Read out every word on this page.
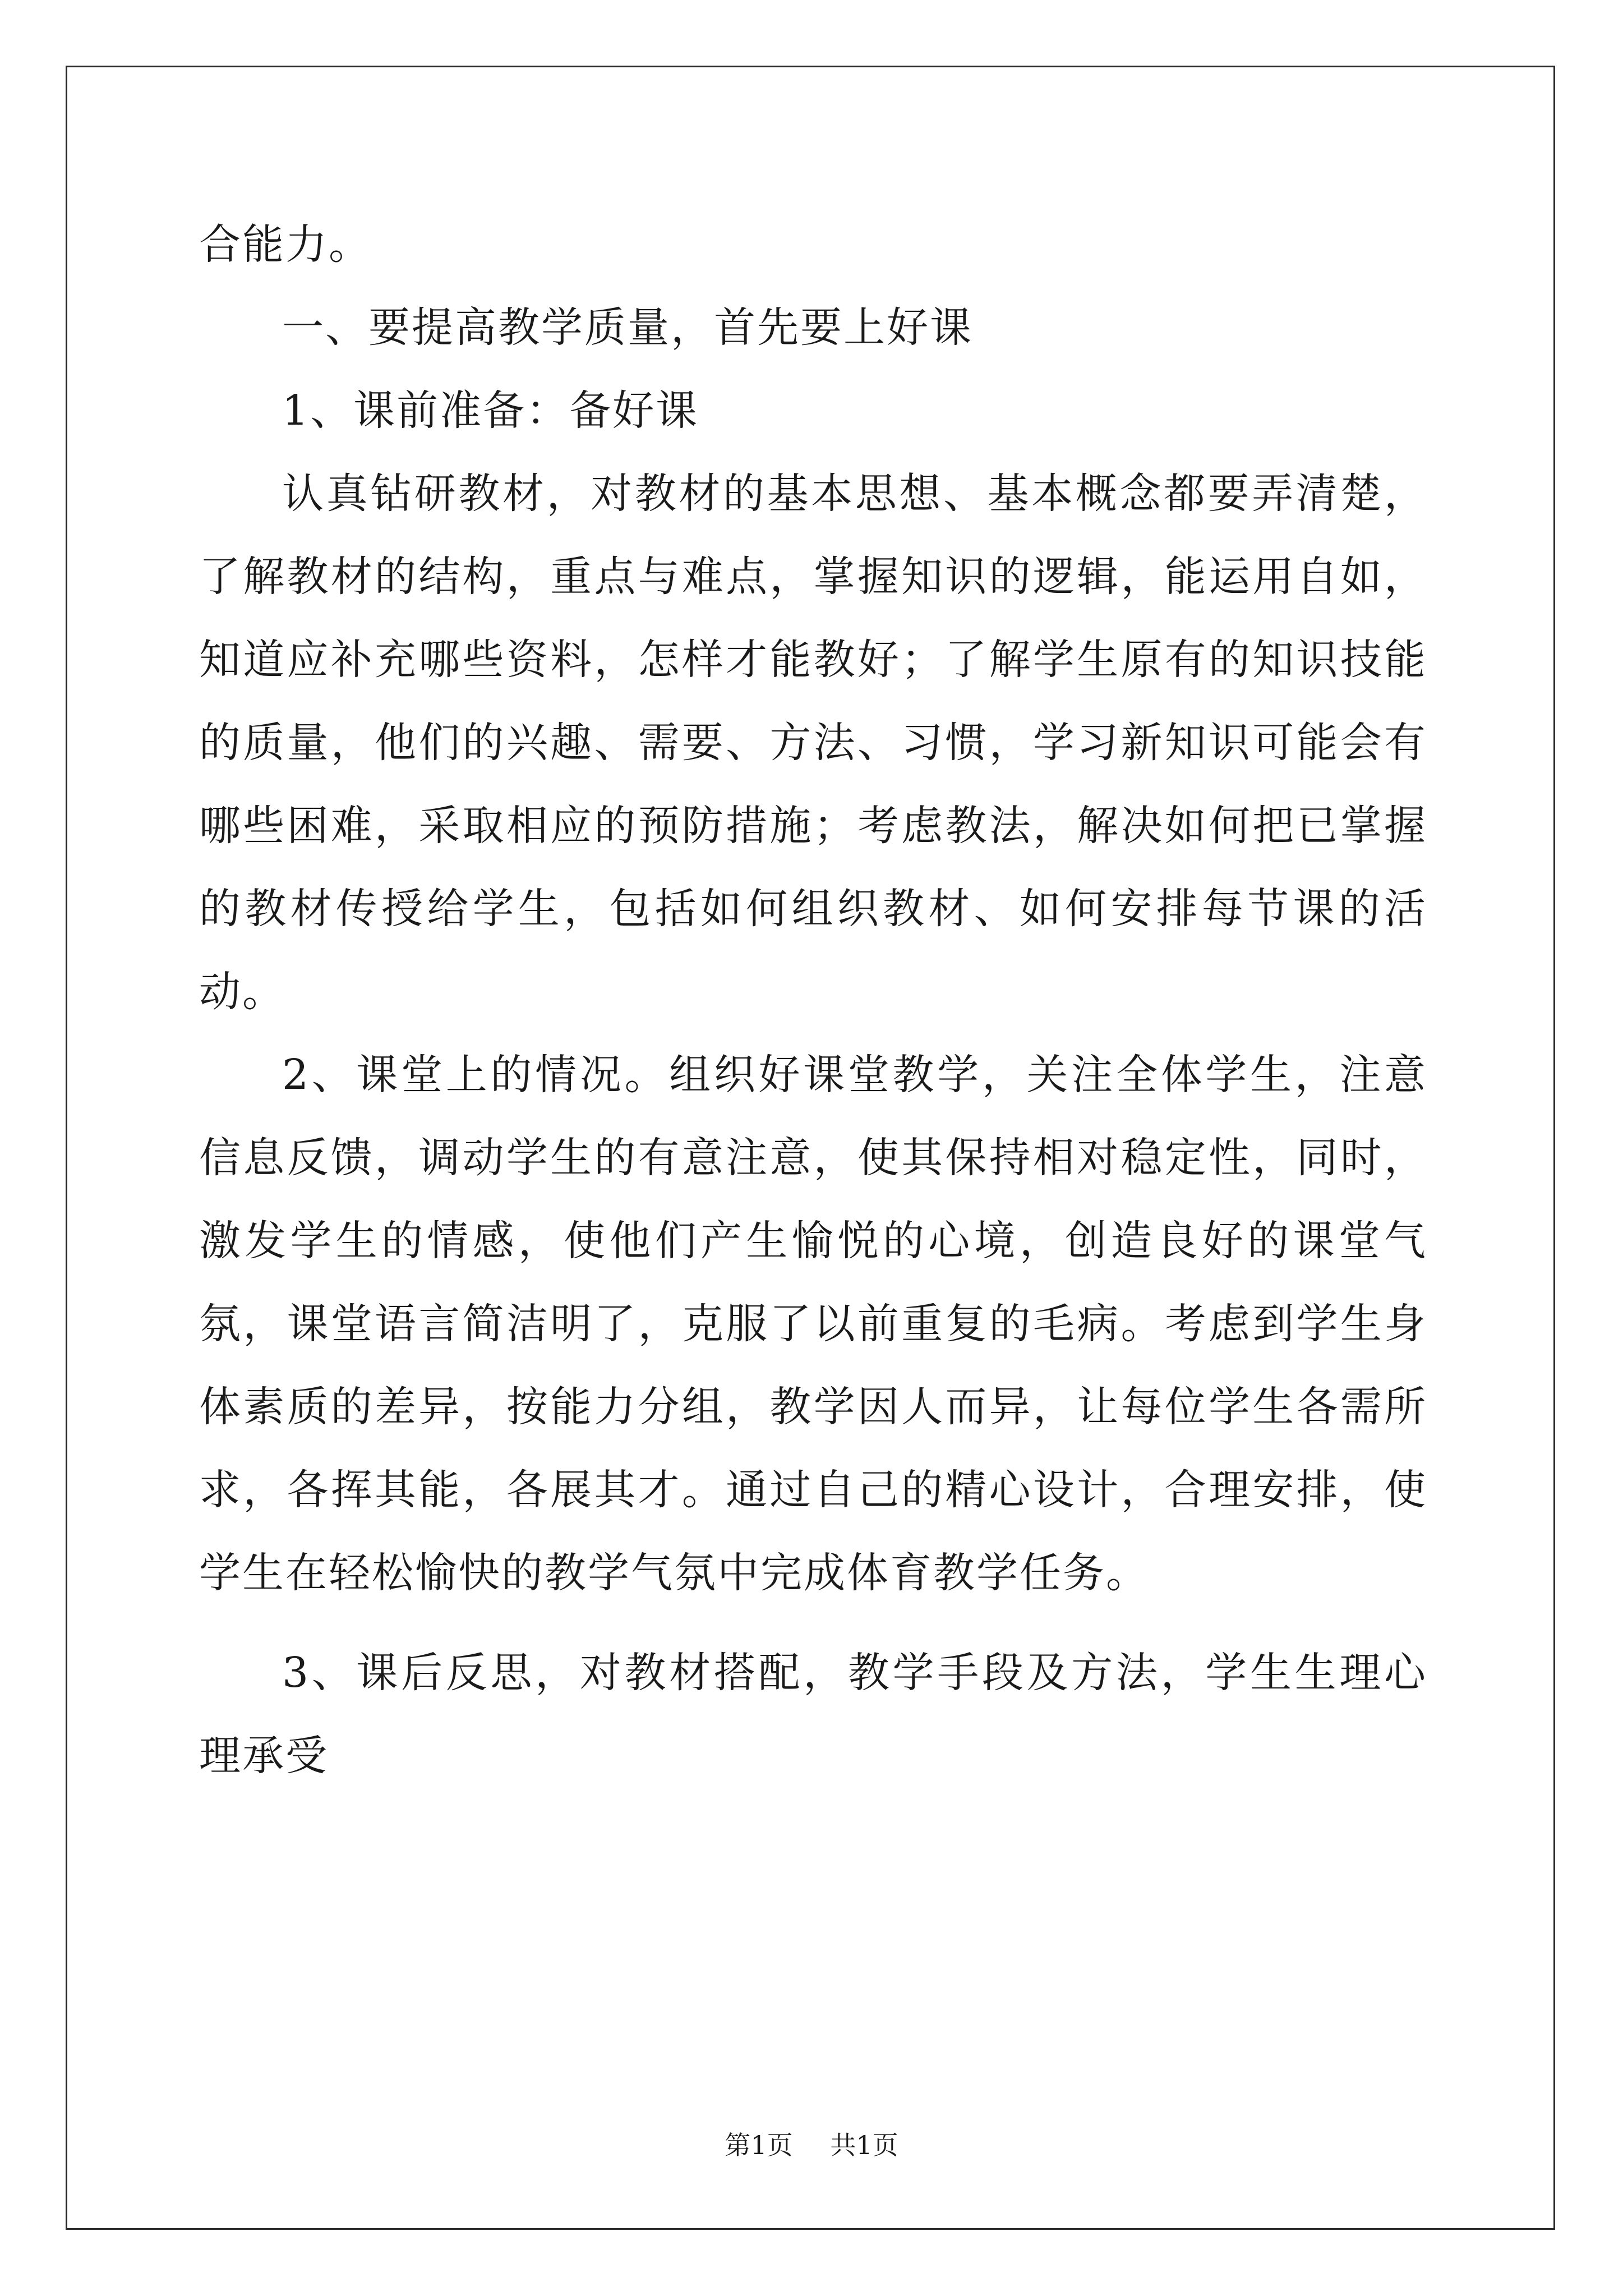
合能力。

一、要提高教学质量，首先要上好课

1、课前准备：备好课

认真钻研教材，对教材的基本思想、基本概念都要弄清楚，了解教材的结构，重点与难点，掌握知识的逻辑，能运用自如，知道应补充哪些资料，怎样才能教好；了解学生原有的知识技能的质量，他们的兴趣、需要、方法、习惯，学习新知识可能会有哪些困难，采取相应的预防措施；考虑教法，解决如何把已掌握的教材传授给学生，包括如何组织教材、如何安排每节课的活动。

2、课堂上的情况。组织好课堂教学，关注全体学生，注意信息反馈，调动学生的有意注意，使其保持相对稳定性，同时，激发学生的情感，使他们产生愉悦的心境，创造良好的课堂气氛，课堂语言简洁明了，克服了以前重复的毛病。考虑到学生身体素质的差异，按能力分组，教学因人而异，让每位学生各需所求，各挥其能，各展其才。通过自己的精心设计，合理安排，使学生在轻松愉快的教学气氛中完成体育教学任务。

3、课后反思，对教材搭配，教学手段及方法，学生生理心理承受

第1页 共1页
